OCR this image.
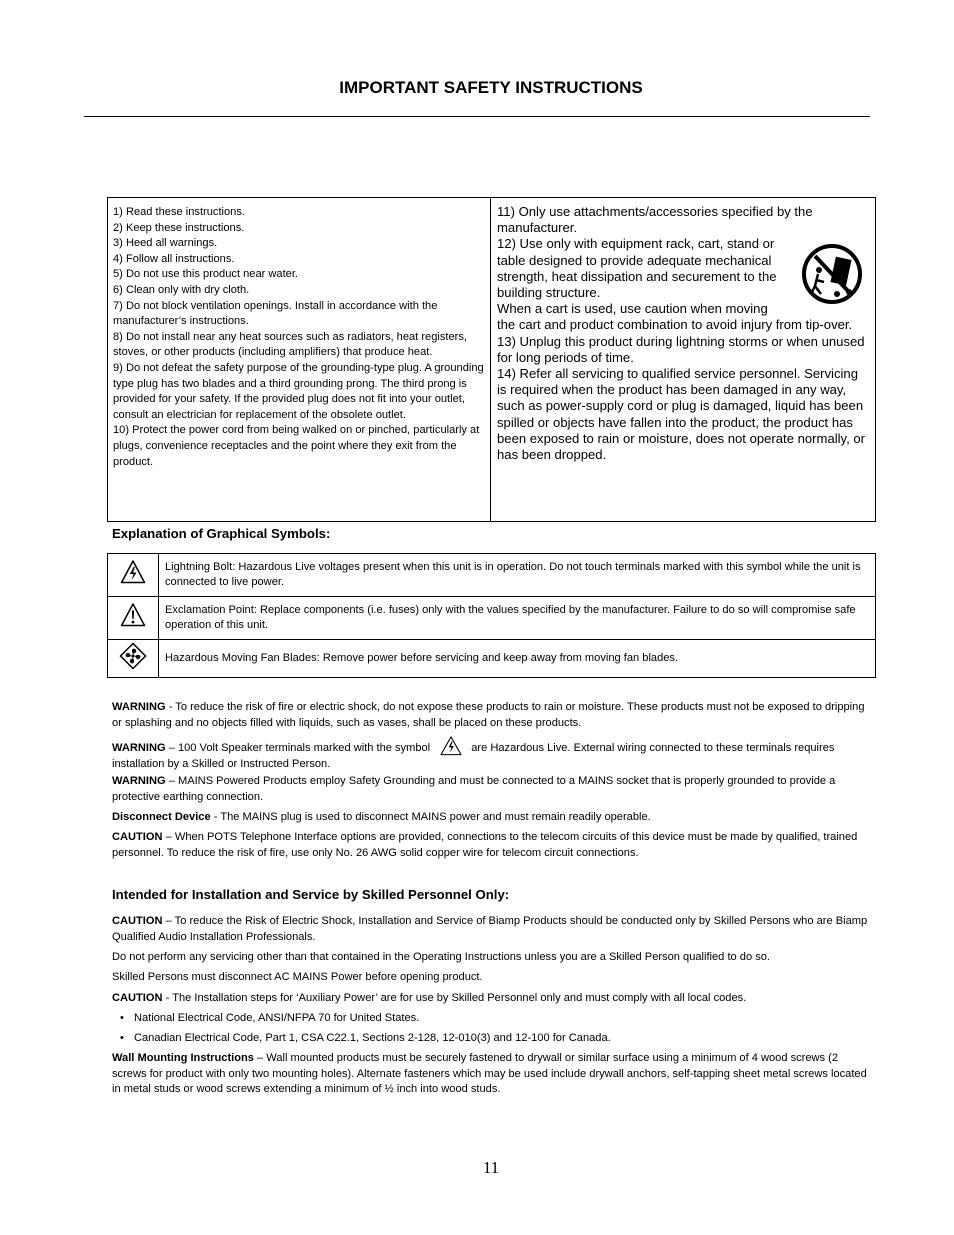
IMPORTANT SAFETY INSTRUCTIONS

1) Read these instructions.

2) Keep these instructions.

3) Heed all warnings.

4) Follow all instructions.

5) Do not use this product near water.

6) Clean only with dry cloth.

7) Do not block ventilation openings. Install in accordance with the manufacturer’s instructions.

8) Do not install near any heat sources such as radiators, heat registers, stoves, or other products (including amplifiers) that produce heat.

9) Do not defeat the safety purpose of the grounding-type plug. A grounding type plug has two blades and a third grounding prong. The third prong is provided for your safety. If the provided plug does not fit into your outlet, consult an electrician for replacement of the obsolete outlet.

10) Protect the power cord from being walked on or pinched, particularly at plugs, convenience receptacles and the point where they exit from the product.

11) Only use attachments/accessories specified by the manufacturer.

12) Use only with equipment rack, cart, stand or table designed to provide adequate mechanical strength, heat dissipation and securement to the building structure.

When a cart is used, use caution when moving the cart and product combination to avoid injury from tip-over.

13) Unplug this product during lightning storms or when unused for long periods of time.

14) Refer all servicing to qualified service personnel. Servicing is required when the product has been damaged in any way, such as power-supply cord or plug is damaged, liquid has been spilled or objects have fallen into the product, the product has been exposed to rain or moisture, does not operate normally, or has been dropped.

Explanation of Graphical Symbols:
	Lightning Bolt: Hazardous Live voltages present when this unit is in operation. Do not touch terminals marked with this symbol while the unit is connected to live power.
	Exclamation Point: Replace components (i.e. fuses) only with the values specified by the manufacturer. Failure to do so will compromise safe operation of this unit.
	Hazardous Moving Fan Blades: Remove power before servicing and keep away from moving fan blades.

WARNING - To reduce the risk of fire or electric shock, do not expose these products to rain or moisture. These products must not be exposed to dripping or splashing and no objects filled with liquids, such as vases, shall be placed on these products.

WARNING – 100 Volt Speaker terminals marked with the symbol	are Hazardous Live. External wiring connected to these terminals requires installation by a Skilled or Instructed Person.

WARNING – MAINS Powered Products employ Safety Grounding and must be connected to a MAINS socket that is properly grounded to provide a protective earthing connection.

Disconnect Device - The MAINS plug is used to disconnect MAINS power and must remain readily operable.

CAUTION – When POTS Telephone Interface options are provided, connections to the telecom circuits of this device must be made by qualified, trained personnel. To reduce the risk of fire, use only No. 26 AWG solid copper wire for telecom circuit connections.

Intended for Installation and Service by Skilled Personnel Only:

CAUTION – To reduce the Risk of Electric Shock, Installation and Service of Biamp Products should be conducted only by Skilled Persons who are Biamp Qualified Audio Installation Professionals.

Do not perform any servicing other than that contained in the Operating Instructions unless you are a Skilled Person qualified to do so.

Skilled Persons must disconnect AC MAINS Power before opening product.

CAUTION - The Installation steps for ‘Auxiliary Power’ are for use by Skilled Personnel only and must comply with all local codes.

• National Electrical Code, ANSI/NFPA 70 for United States.
• Canadian Electrical Code, Part 1, CSA C22.1, Sections 2-128, 12-010(3) and 12-100 for Canada.

Wall Mounting Instructions – Wall mounted products must be securely fastened to drywall or similar surface using a minimum of 4 wood screws (2 screws for product with only two mounting holes). Alternate fasteners which may be used include drywall anchors, self-tapping sheet metal screws located in metal studs or wood screws extending a minimum of ½ inch into wood studs.

11
